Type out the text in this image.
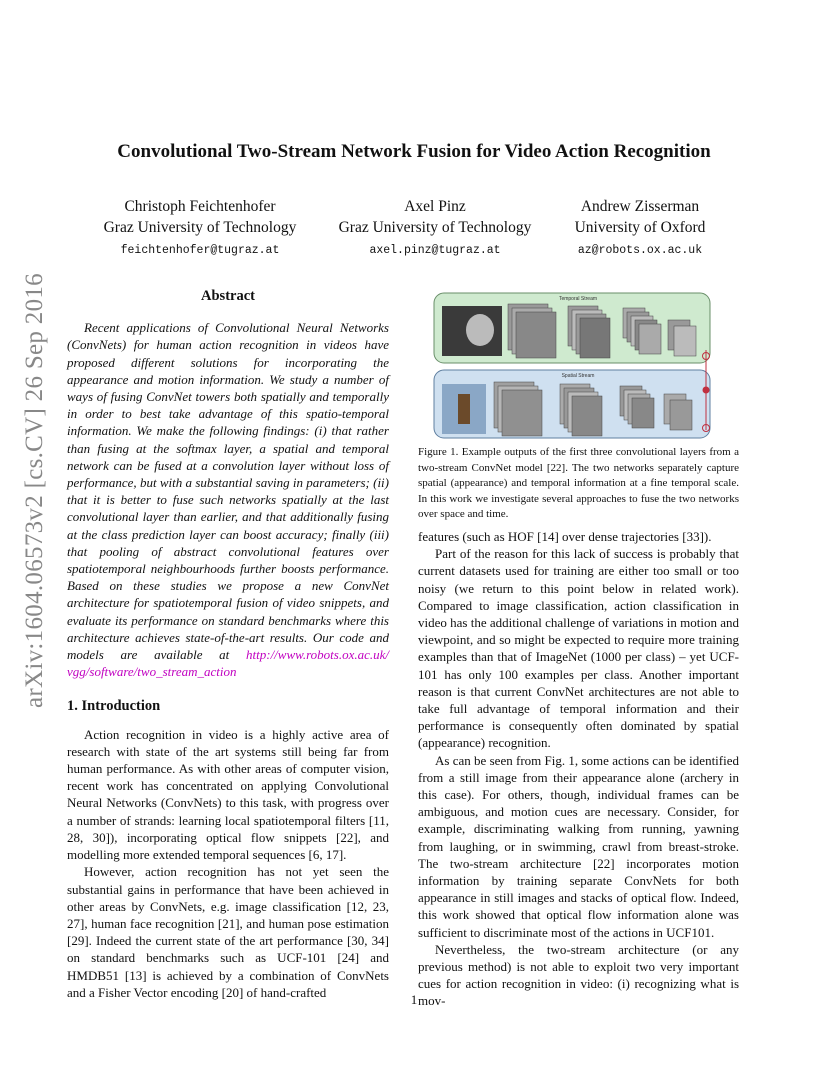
Convolutional Two-Stream Network Fusion for Video Action Recognition
Christoph Feichtenhofer
Graz University of Technology
feichtenhofer@tugraz.at
Axel Pinz
Graz University of Technology
axel.pinz@tugraz.at
Andrew Zisserman
University of Oxford
az@robots.ox.ac.uk
arXiv:1604.06573v2 [cs.CV] 26 Sep 2016	Abstract

Recent applications of Convolutional Neural Networks (ConvNets) for human action recognition in videos have proposed different solutions for incorporating the appearance and motion information. We study a number of ways of fusing ConvNet towers both spatially and temporally in order to best take advantage of this spatio-temporal information. We make the following findings: (i) that rather than fusing at the softmax layer, a spatial and temporal network can be fused at a convolution layer without loss of performance, but with a substantial saving in parameters; (ii) that it is better to fuse such networks spatially at the last convolutional layer than earlier, and that additionally fusing at the class prediction layer can boost accuracy; finally (iii) that pooling of abstract convolutional features over spatiotemporal neighbourhoods further boosts performance. Based on these studies we propose a new ConvNet architecture for spatiotemporal fusion of video snippets, and evaluate its performance on standard benchmarks where this architecture achieves state-of-the-art results. Our code and models are available at http://www.robots.ox.ac.uk/ vgg/software/two_stream_action

1. Introduction

Action recognition in video is a highly active area of research with state of the art systems still being far from human performance. As with other areas of computer vision, recent work has concentrated on applying Convolutional Neural Networks (ConvNets) to this task, with progress over a number of strands: learning local spatiotemporal filters [11, 28, 30]), incorporating optical flow snippets [22], and modelling more extended temporal sequences [6, 17].

However, action recognition has not yet seen the substantial gains in performance that have been achieved in other areas by ConvNets, e.g. image classification [12, 23, 27], human face recognition [21], and human pose estimation [29]. Indeed the current state of the art performance [30, 34] on standard benchmarks such as UCF-101 [24] and HMDB51 [13] is achieved by a combination of ConvNets and a Fisher Vector encoding [20] of hand-crafted

Temporal Stream
Spatial Stream
Figure 1. Example outputs of the first three convolutional layers from a two-stream ConvNet model [22]. The two networks separately capture spatial (appearance) and temporal information at a fine temporal scale. In this work we investigate several approaches to fuse the two networks over space and time.

features (such as HOF [14] over dense trajectories [33]).

Part of the reason for this lack of success is probably that current datasets used for training are either too small or too noisy (we return to this point below in related work). Compared to image classification, action classification in video has the additional challenge of variations in motion and viewpoint, and so might be expected to require more training examples than that of ImageNet (1000 per class) – yet UCF-101 has only 100 examples per class. Another important reason is that current ConvNet architectures are not able to take full advantage of temporal information and their performance is consequently often dominated by spatial (appearance) recognition.

As can be seen from Fig. 1, some actions can be identified from a still image from their appearance alone (archery in this case). For others, though, individual frames can be ambiguous, and motion cues are necessary. Consider, for example, discriminating walking from running, yawning from laughing, or in swimming, crawl from breast-stroke. The two-stream architecture [22] incorporates motion information by training separate ConvNets for both appearance in still images and stacks of optical flow. Indeed, this work showed that optical flow information alone was sufficient to discriminate most of the actions in UCF101.

Nevertheless, the two-stream architecture (or any previous method) is not able to exploit two very important cues for action recognition in video: (i) recognizing what is mov-

1
